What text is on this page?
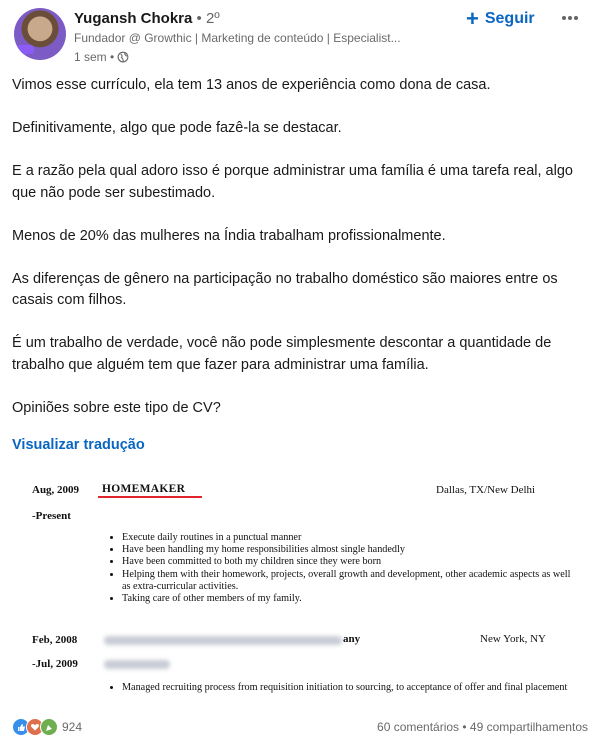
Yugansh Chokra • 2º
Fundador @ Growthic | Marketing de conteúdo | Especialist...
1 sem •
+ Seguir

Vimos esse currículo, ela tem 13 anos de experiência como dona de casa.

Definitivamente, algo que pode fazê-la se destacar.

E a razão pela qual adoro isso é porque administrar uma família é uma tarefa real, algo que não pode ser subestimado.

Menos de 20% das mulheres na Índia trabalham profissionalmente.

As diferenças de gênero na participação no trabalho doméstico são maiores entre os casais com filhos.

É um trabalho de verdade, você não pode simplesmente descontar a quantidade de trabalho que alguém tem que fazer para administrar uma família.

Opiniões sobre este tipo de CV?

Visualizar tradução
Aug, 2009
-Present
HOMEMAKER	Dallas, TX/New Delhi
• Execute daily routines in a punctual manner
• Have been handling my home responsibilities almost single handedly
• Have been committed to both my children since they were born
• Helping them with their homework, projects, overall growth and development, other academic aspects as well as extra-curricular activities.
• Taking care of other members of my family.
Feb, 2008
-Jul, 2009
any	New York, NY
• Managed recruiting process from requisition initiation to sourcing, to acceptance of offer and final placement
924	60 comentários • 49 compartilhamentos
